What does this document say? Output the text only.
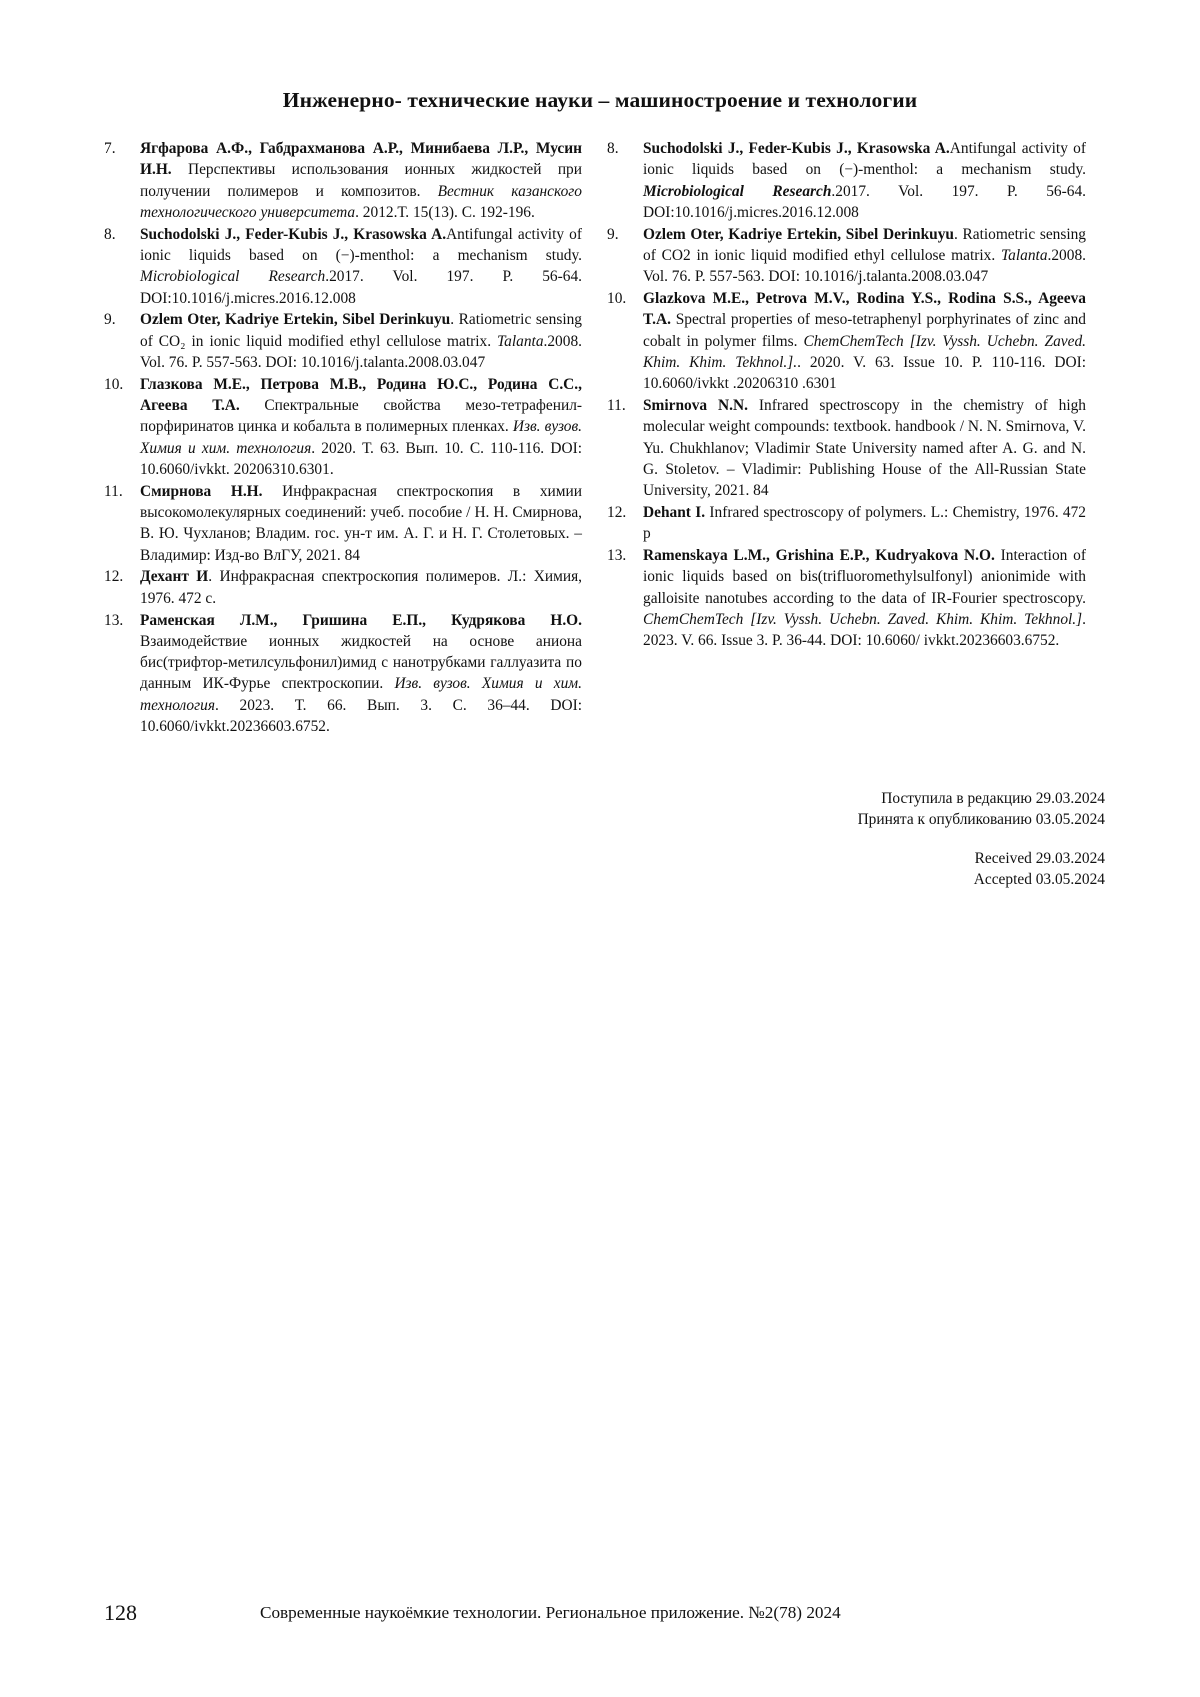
Инженерно- технические науки – машиностроение и технологии
7.	Ягфарова А.Ф., Габдрахманова А.Р., Минибаева Л.Р., Мусин И.Н. Перспективы использования ионных жидкостей при получении полимеров и композитов. Вестник казанского технологического университета. 2012.Т. 15(13). С. 192-196.
8.	Suchodolski J., Feder-Kubis J., Krasowska A.Antifungal activity of ionic liquids based on (−)-menthol: a mechanism study. Microbiological Research.2017. Vol. 197. P. 56-64. DOI:10.1016/j.micres.2016.12.008
9.	Ozlem Oter, Kadriye Ertekin, Sibel Derinkuyu. Ratiometric sensing of CO₂ in ionic liquid modified ethyl cellulose matrix. Talanta.2008. Vol. 76. P. 557-563. DOI: 10.1016/j.talanta.2008.03.047
10.	Глазкова М.Е., Петрова М.В., Родина Ю.С., Родина С.С., Агеева Т.А. Спектральные свойства мезо-тетрафенил-порфиринатов цинка и кобальта в полимерных пленках. Изв. вузов. Химия и хим. технология. 2020. Т. 63. Вып. 10. С. 110-116. DOI: 10.6060/ivkkt. 20206310.6301.
11.	Смирнова Н.Н. Инфракрасная спектроскопия в химии высокомолекулярных соединений: учеб. пособие / Н. Н. Смирнова, В. Ю. Чухланов; Владим. гос. ун-т им. А. Г. и Н. Г. Столетовых. – Владимир: Изд-во ВлГУ, 2021. 84
12.	Дехант И. Инфракрасная спектроскопия полимеров. Л.: Химия, 1976. 472 с.
13.	Раменская Л.М., Гришина Е.П., Кудрякова Н.О. Взаимодействие ионных жидкостей на основе аниона бис(трифтор-метилсульфонил)имид с нанотрубками галлуазита по данным ИК-Фурье спектроскопии. Изв. вузов. Химия и хим. технология. 2023. Т. 66. Вып. 3. С. 36–44. DOI: 10.6060/ivkkt.20236603.6752.
8.	Suchodolski J., Feder-Kubis J., Krasowska A.Antifungal activity of ionic liquids based on (−)-menthol: a mechanism study. Microbiological Research.2017. Vol. 197. P. 56-64. DOI:10.1016/j.micres.2016.12.008
9.	Ozlem Oter, Kadriye Ertekin, Sibel Derinkuyu. Ratiometric sensing of CO2 in ionic liquid modified ethyl cellulose matrix. Talanta.2008. Vol. 76. P. 557-563. DOI: 10.1016/j.talanta.2008.03.047
10.	Glazkova M.E., Petrova M.V., Rodina Y.S., Rodina S.S., Ageeva T.A. Spectral properties of meso-tetraphenyl porphyrinates of zinc and cobalt in polymer films. ChemChemTech [Izv. Vyssh. Uchebn. Zaved. Khim. Khim. Tekhnol.].. 2020. V. 63. Issue 10. P. 110-116. DOI: 10.6060/ivkkt .20206310 .6301
11.	Smirnova N.N. Infrared spectroscopy in the chemistry of high molecular weight compounds: textbook. handbook / N. N. Smirnova, V. Yu. Chukhlanov; Vladimir State University named after A. G. and N. G. Stoletov. – Vladimir: Publishing House of the All-Russian State University, 2021. 84
12.	Dehant I. Infrared spectroscopy of polymers. L.: Chemistry, 1976. 472 p
13.	Ramenskaya L.M., Grishina E.P., Kudryakova N.O. Interaction of ionic liquids based on bis(trifluoromethylsulfonyl) anionimide with galloisite nanotubes according to the data of IR-Fourier spectroscopy. ChemChemTech [Izv. Vyssh. Uchebn. Zaved. Khim. Khim. Tekhnol.]. 2023. V. 66. Issue 3. P. 36-44. DOI: 10.6060/ ivkkt.20236603.6752.
Поступила в редакцию 29.03.2024
Принята к опубликованию 03.05.2024
Received 29.03.2024
Accepted 03.05.2024
128	Современные наукоёмкие технологии. Региональное приложение. №2(78) 2024
